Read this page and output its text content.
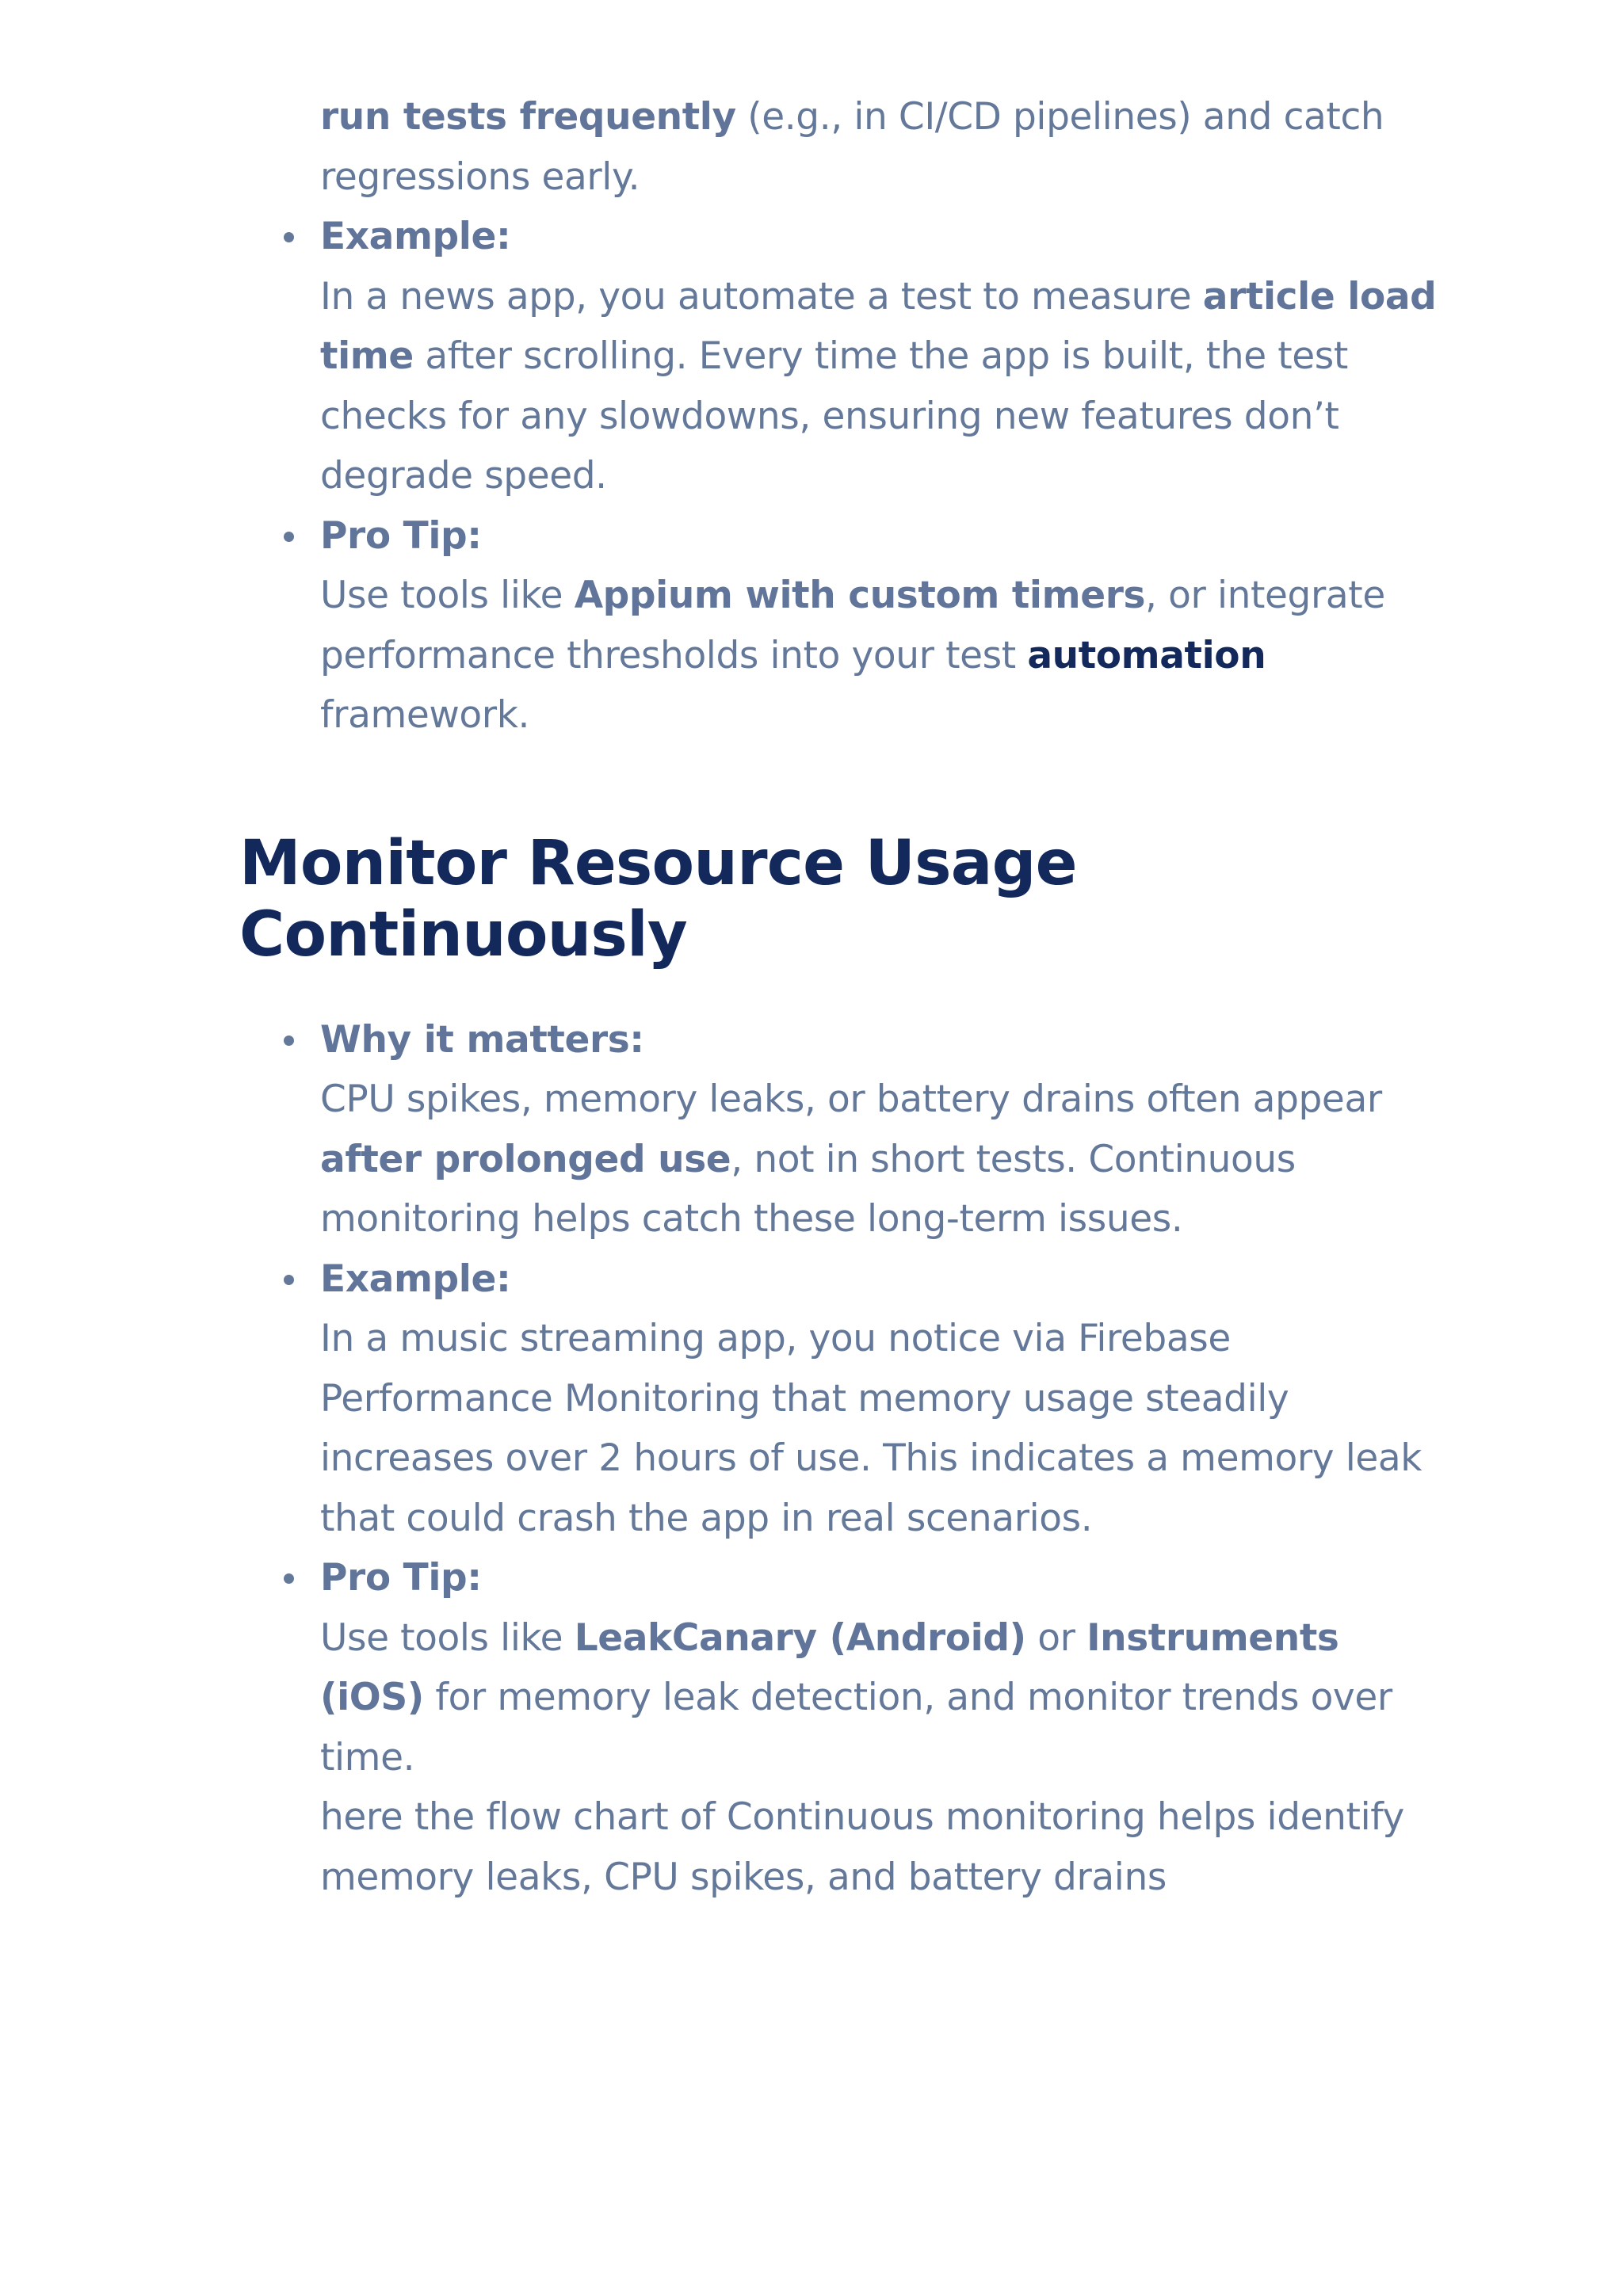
run tests frequently (e.g., in CI/CD pipelines) and catch regressions early.

Example:
In a news app, you automate a test to measure article load time after scrolling. Every time the app is built, the test checks for any slowdowns, ensuring new features don’t degrade speed.
Pro Tip:
Use tools like Appium with custom timers, or integrate performance thresholds into your test automation framework.
Monitor Resource Usage Continuously
Why it matters:
CPU spikes, memory leaks, or battery drains often appear after prolonged use, not in short tests. Continuous monitoring helps catch these long-term issues.
Example:
In a music streaming app, you notice via Firebase Performance Monitoring that memory usage steadily increases over 2 hours of use. This indicates a memory leak that could crash the app in real scenarios.
Pro Tip:
Use tools like LeakCanary (Android) or Instruments (iOS) for memory leak detection, and monitor trends over time.
here the flow chart of Continuous monitoring helps identify memory leaks, CPU spikes, and battery drains
